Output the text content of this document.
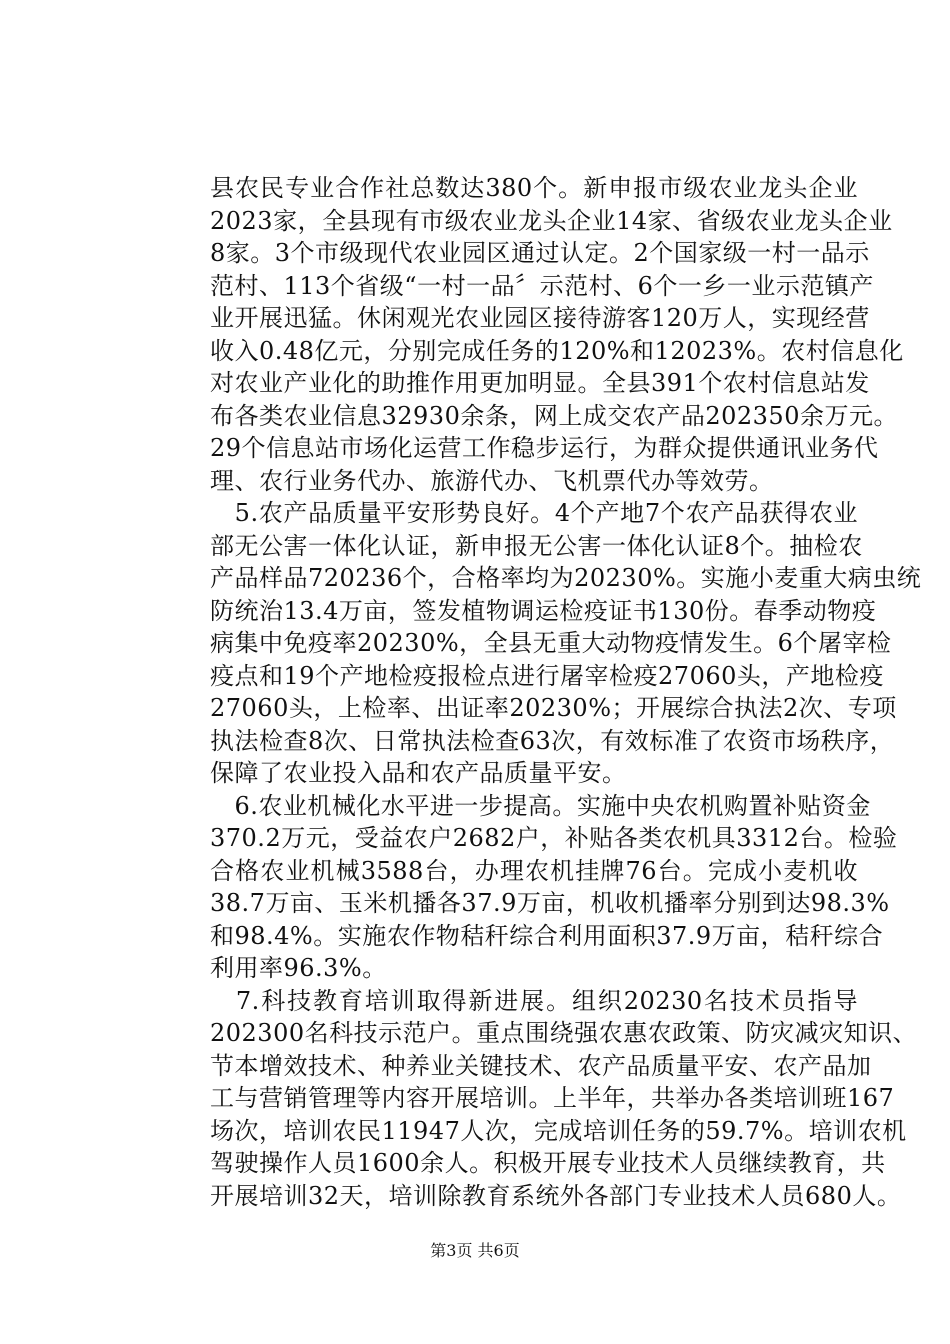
县农民专业合作社总数达380个。新申报市级农业龙头企业
2023家，全县现有市级农业龙头企业14家、省级农业龙头企业
8家。3个市级现代农业园区通过认定。2个国家级一村一品示
范村、113个省级“一村一品〞示范村、6个一乡一业示范镇产
业开展迅猛。休闲观光农业园区接待游客120万人，实现经营
收入0.48亿元，分别完成任务的120%和12023%。农村信息化
对农业产业化的助推作用更加明显。全县391个农村信息站发
布各类农业信息32930余条，网上成交农产品202350余万元。
29个信息站市场化运营工作稳步运行，为群众提供通讯业务代
理、农行业务代办、旅游代办、飞机票代办等效劳。
　5.农产品质量平安形势良好。4个产地7个农产品获得农业
部无公害一体化认证，新申报无公害一体化认证8个。抽检农
产品样品720236个，合格率均为20230%。实施小麦重大病虫统
防统治13.4万亩，签发植物调运检疫证书130份。春季动物疫
病集中免疫率20230%，全县无重大动物疫情发生。6个屠宰检
疫点和19个产地检疫报检点进行屠宰检疫27060头，产地检疫
27060头，上检率、出证率20230%；开展综合执法2次、专项
执法检查8次、日常执法检查63次，有效标准了农资市场秩序，
保障了农业投入品和农产品质量平安。
　6.农业机械化水平进一步提高。实施中央农机购置补贴资金
370.2万元，受益农户2682户，补贴各类农机具3312台。检验
合格农业机械3588台，办理农机挂牌76台。完成小麦机收
38.7万亩、玉米机播各37.9万亩，机收机播率分别到达98.3%
和98.4%。实施农作物秸秆综合利用面积37.9万亩，秸秆综合
利用率96.3%。
　7.科技教育培训取得新进展。组织20230名技术员指导
202300名科技示范户。重点围绕强农惠农政策、防灾减灾知识、
节本增效技术、种养业关键技术、农产品质量平安、农产品加
工与营销管理等内容开展培训。上半年，共举办各类培训班167
场次，培训农民11947人次，完成培训任务的59.7%。培训农机
驾驶操作人员1600余人。积极开展专业技术人员继续教育，共
开展培训32天，培训除教育系统外各部门专业技术人员680人。
第3页 共6页
